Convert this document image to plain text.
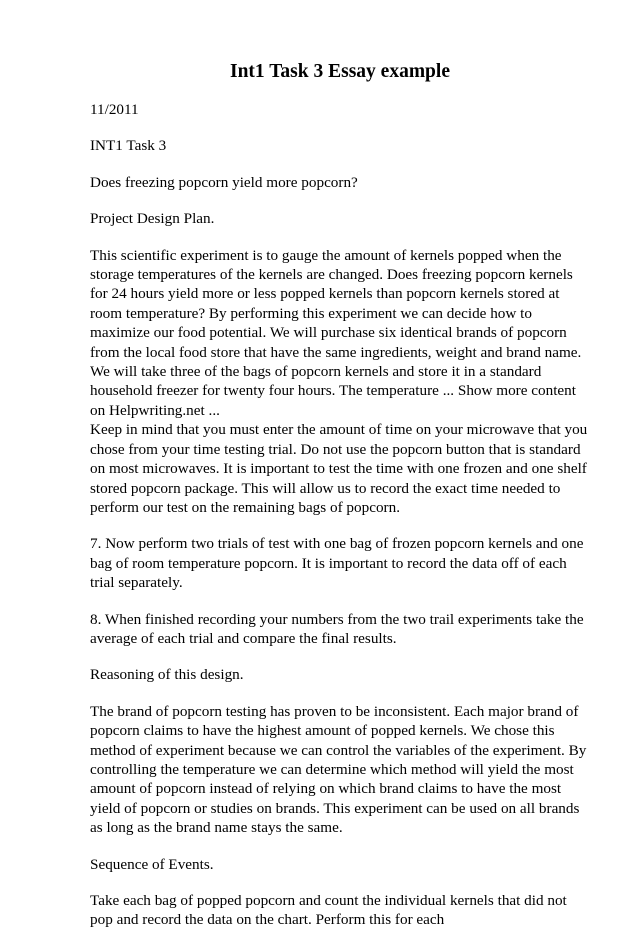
Int1 Task 3 Essay example

11/2011

INT1 Task 3

Does freezing popcorn yield more popcorn?

Project Design Plan.

This scientific experiment is to gauge the amount of kernels popped when the storage temperatures of the kernels are changed. Does freezing popcorn kernels for 24 hours yield more or less popped kernels than popcorn kernels stored at room temperature? By performing this experiment we can decide how to maximize our food potential. We will purchase six identical brands of popcorn from the local food store that have the same ingredients, weight and brand name. We will take three of the bags of popcorn kernels and store it in a standard household freezer for twenty four hours. The temperature ... Show more content on Helpwriting.net ...

Keep in mind that you must enter the amount of time on your microwave that you chose from your time testing trial. Do not use the popcorn button that is standard on most microwaves. It is important to test the time with one frozen and one shelf stored popcorn package. This will allow us to record the exact time needed to perform our test on the remaining bags of popcorn.

7. Now perform two trials of test with one bag of frozen popcorn kernels and one bag of room temperature popcorn. It is important to record the data off of each trial separately.

8. When finished recording your numbers from the two trail experiments take the average of each trial and compare the final results.

Reasoning of this design.

The brand of popcorn testing has proven to be inconsistent. Each major brand of popcorn claims to have the highest amount of popped kernels. We chose this method of experiment because we can control the variables of the experiment. By controlling the temperature we can determine which method will yield the most amount of popcorn instead of relying on which brand claims to have the most yield of popcorn or studies on brands. This experiment can be used on all brands as long as the brand name stays the same.

Sequence of Events.

Take each bag of popped popcorn and count the individual kernels that did not pop and record the data on the chart. Perform this for each
